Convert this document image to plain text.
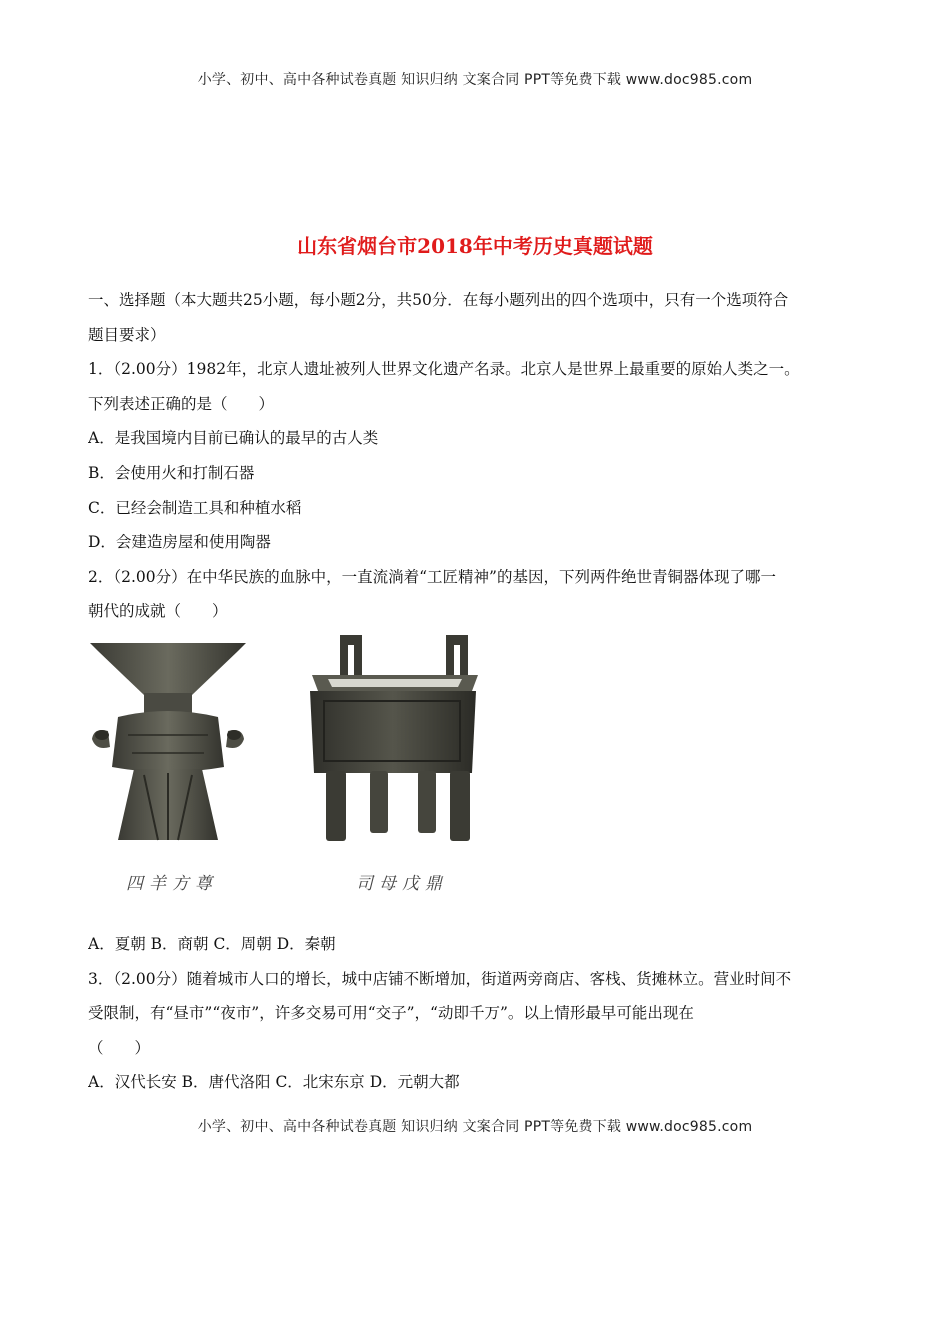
小学、初中、高中各种试卷真题 知识归纳 文案合同 PPT等免费下载 www.doc985.com
山东省烟台市2018年中考历史真题试题
一、选择题（本大题共25小题，每小题2分，共50分．在每小题列出的四个选项中，只有一个选项符合
题目要求）
1．（2.00分）1982年，北京人遗址被列人世界文化遗产名录。北京人是世界上最重要的原始人类之一。
下列表述正确的是（　　）
A．是我国境内目前已确认的最早的古人类
B．会使用火和打制石器
C．已经会制造工具和种植水稻
D．会建造房屋和使用陶器
2．（2.00分）在中华民族的血脉中，一直流淌着“工匠精神”的基因，下列两件绝世青铜器体现了哪一
朝代的成就（　　）
四羊方尊	司母戊鼎
A．夏朝 B．商朝 C．周朝 D．秦朝
3．（2.00分）随着城市人口的增长，城中店铺不断增加，街道两旁商店、客栈、货摊林立。营业时间不
受限制，有“昼市”“夜市”，许多交易可用“交子”，“动即千万”。以上情形最早可能出现在
（　　）
A．汉代长安 B．唐代洛阳 C．北宋东京 D．元朝大都
小学、初中、高中各种试卷真题 知识归纳 文案合同 PPT等免费下载 www.doc985.com
